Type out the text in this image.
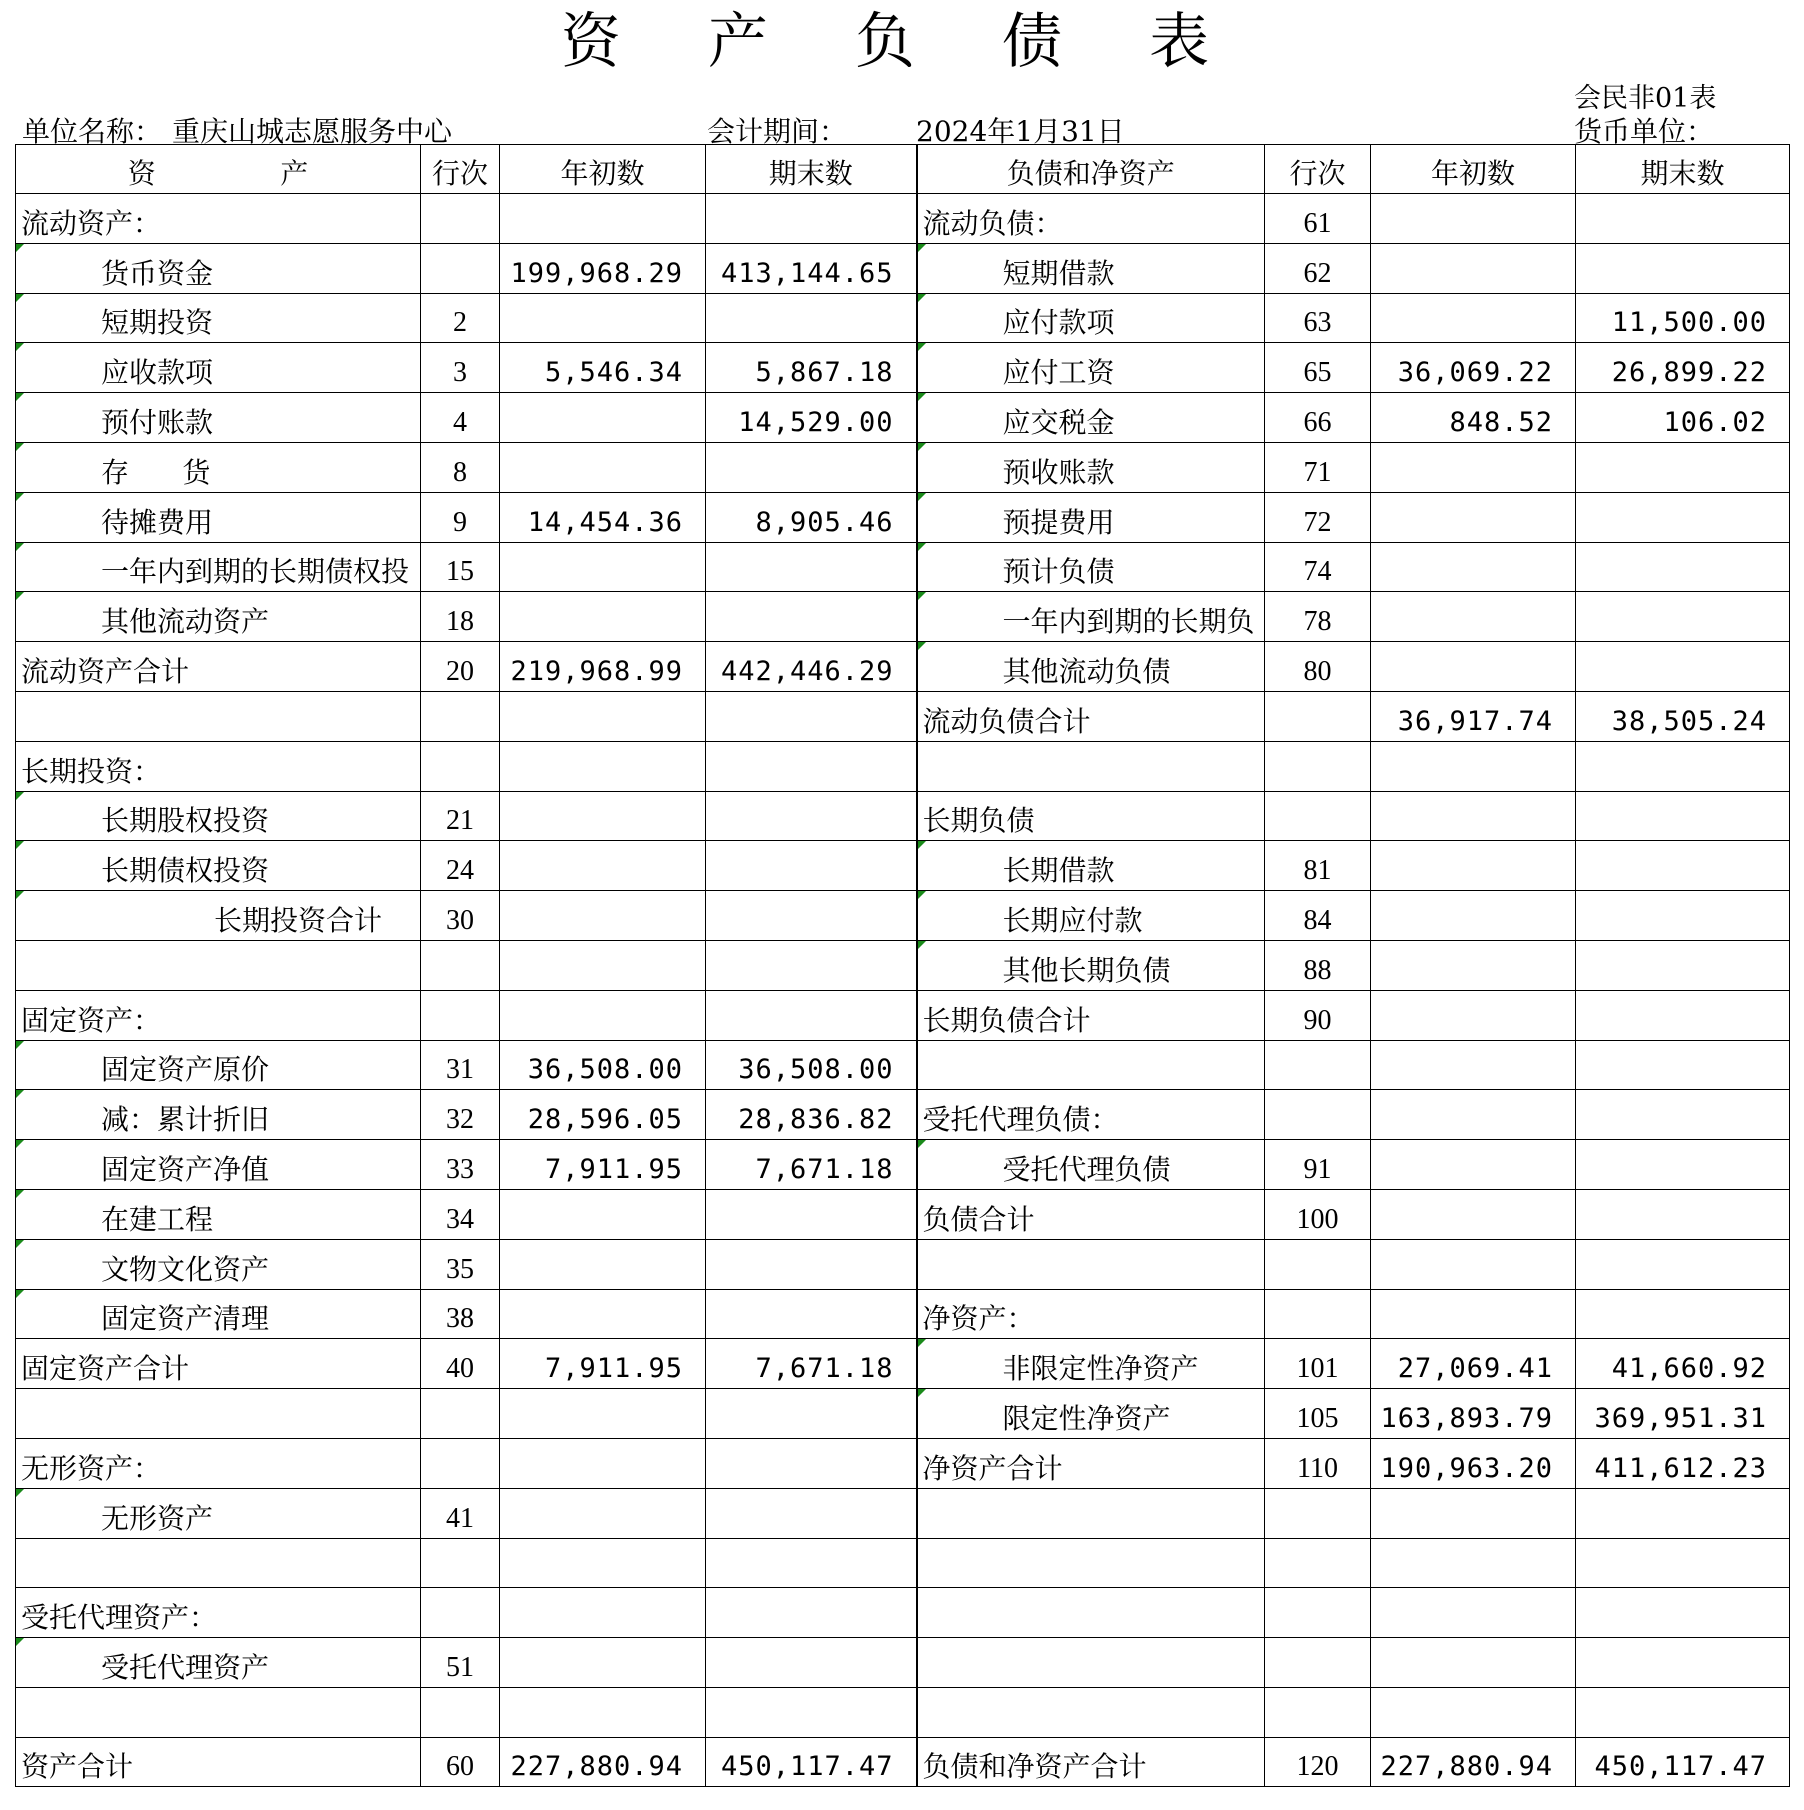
资 产 负 债 表
会民非01表
单位名称： 重庆山城志愿服务中心	会计期间： 2024年1月31日	货币单位：
资              产	行次	年初数	期末数	负债和净资产	行次	年初数	期末数

流动资产：				流动负债：	61		

货币资金		199,968.29	413,144.65	短期借款	62		

短期投资	2			应付款项	63		11,500.00

应收款项	3	5,546.34	5,867.18	应付工资	65	36,069.22	26,899.22

预付账款	4		14,529.00	应交税金	66	848.52	106.02

存      货	8			预收账款	71		

待摊费用	9	14,454.36	8,905.46	预提费用	72		

一年内到期的长期债权投	15			预计负债	74		

其他流动资产	18			一年内到期的长期负	78		

流动资产合计	20	219,968.99	442,446.29	其他流动负债	80		

				流动负债合计		36,917.74	38,505.24

长期投资：							

长期股权投资	21			长期负债			

长期债权投资	24			长期借款	81		

长期投资合计	30			长期应付款	84		

				其他长期负债	88		

固定资产：				长期负债合计	90		

固定资产原价	31	36,508.00	36,508.00				

减：累计折旧	32	28,596.05	28,836.82	受托代理负债：			

固定资产净值	33	7,911.95	7,671.18	受托代理负债	91		

在建工程	34			负债合计	100		

文物文化资产	35						

固定资产清理	38			净资产：			

固定资产合计	40	7,911.95	7,671.18	非限定性净资产	101	27,069.41	41,660.92

				限定性净资产	105	163,893.79	369,951.31

无形资产：				净资产合计	110	190,963.20	411,612.23

无形资产	41						

受托代理资产：							

受托代理资产	51						

资产合计	60	227,880.94	450,117.47	负债和净资产合计	120	227,880.94	450,117.47
